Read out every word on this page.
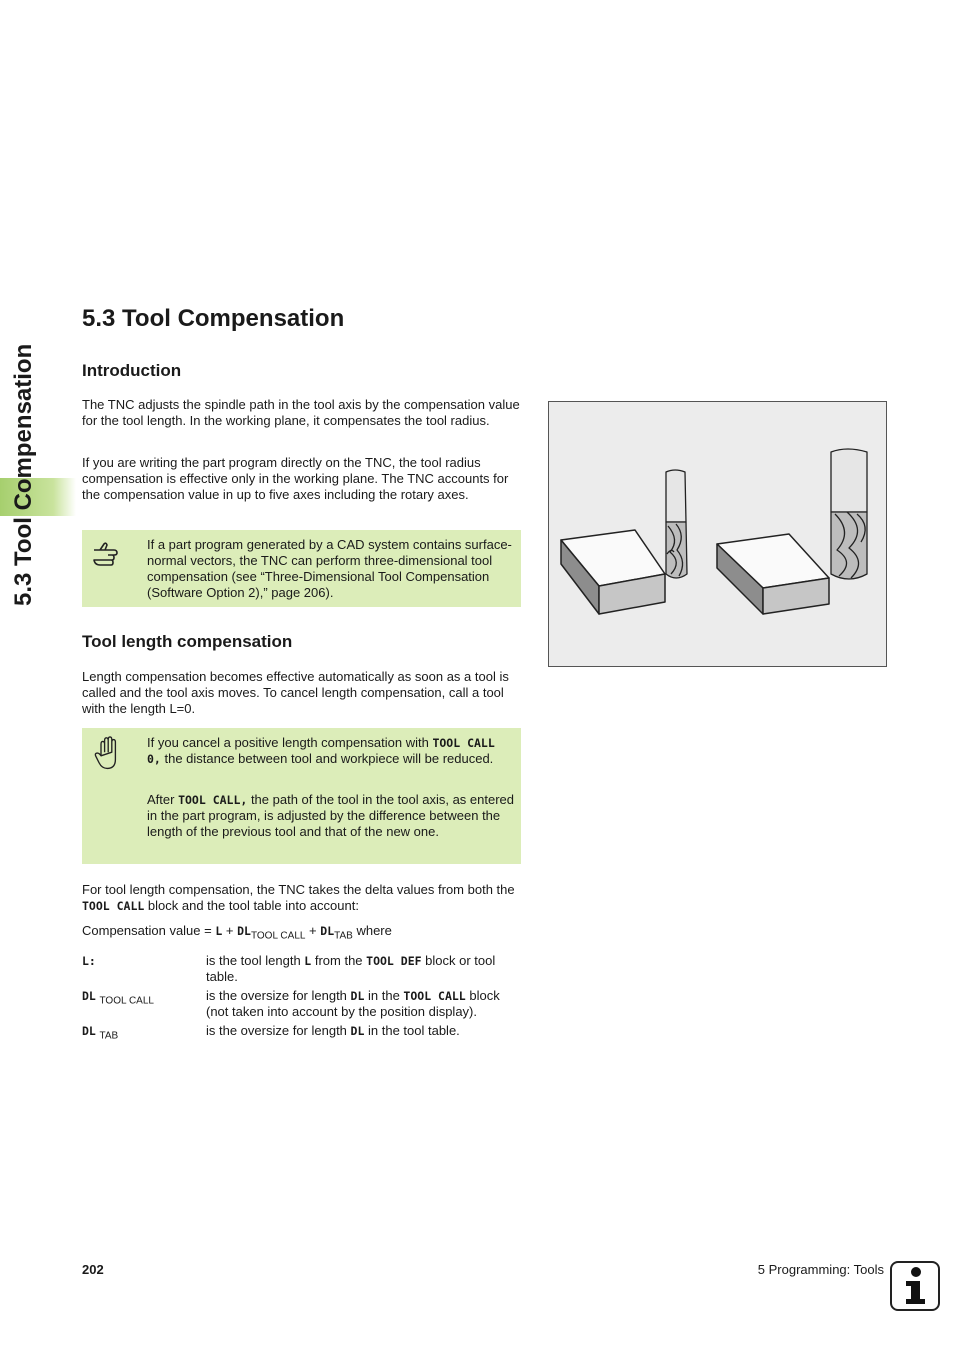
5.3 Tool Compensation
5.3 Tool Compensation
Introduction

The TNC adjusts the spindle path in the tool axis by the compensation value for the tool length. In the working plane, it compensates the tool radius.

If you are writing the part program directly on the TNC, the tool radius compensation is effective only in the working plane. The TNC accounts for the compensation value in up to five axes including the rotary axes.

If a part program generated by a CAD system contains surface-normal vectors, the TNC can perform three-dimensional tool compensation (see “Three-Dimensional Tool Compensation (Software Option 2),” page 206).
Tool length compensation

Length compensation becomes effective automatically as soon as a tool is called and the tool axis moves. To cancel length compensation, call a tool with the length L=0.

If you cancel a positive length compensation with TOOL CALL 0, the distance between tool and workpiece will be reduced.
After TOOL CALL, the path of the tool in the tool axis, as entered in the part program, is adjusted by the difference between the length of the previous tool and that of the new one.

For tool length compensation, the TNC takes the delta values from both the TOOL CALL block and the tool table into account:

Compensation value = $L + DL_{TOOL CALL} + DL_{TAB}$ where

L:	is the tool length L from the TOOL DEF block or tool table.
DL $_{TOOL CALL}$	is the oversize for length DL in the TOOL CALL block (not taken into account by the position display).
DL $_{TAB}$	is the oversize for length DL in the tool table.
202	5 Programming: Tools
